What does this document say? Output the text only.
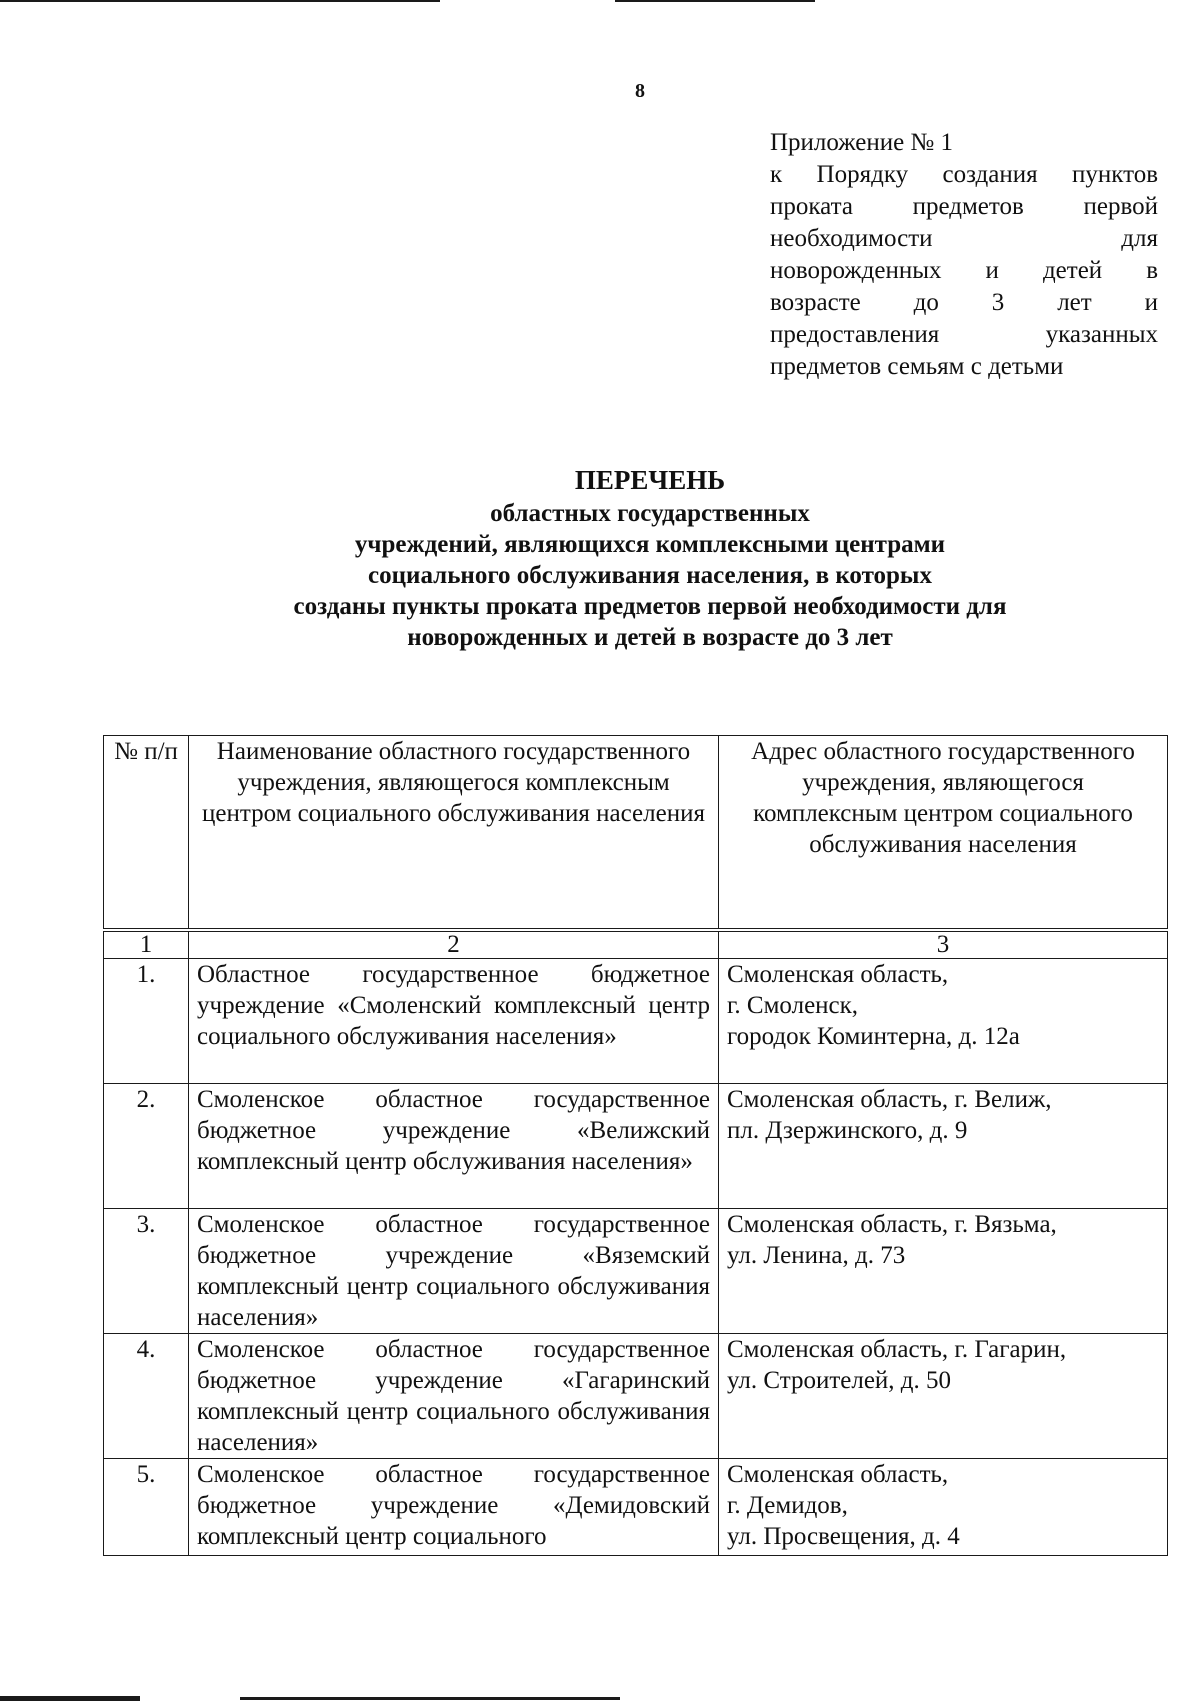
8
Приложение № 1
к Порядку создания пунктов
проката предметов первой
необходимости для
новорожденных и детей в
возрасте до 3 лет и
предоставления указанных
предметов семьям с детьми
ПЕРЕЧЕНЬ
областных государственных
учреждений, являющихся комплексными центрами
социального обслуживания населения, в которых
созданы пункты проката предметов первой необходимости для
новорожденных и детей в возрасте до 3 лет
№ п/п	Наименование областного государственного учреждения, являющегося комплексным центром социального обслуживания населения	Адрес областного государственного учреждения, являющегося комплексным центром социального обслуживания населения
1	2	3
1.	Областное государственное бюджетное учреждение «Смоленский комплексный центр социального обслуживания населения»	Смоленская область,
г. Смоленск,
городок Коминтерна, д. 12а

2.	Смоленское областное государственное бюджетное учреждение «Велижский комплексный центр обслуживания населения»	Смоленская область, г. Велиж,
пл. Дзержинского, д. 9

3.	Смоленское областное государственное бюджетное учреждение «Вяземский комплексный центр социального обслуживания населения»	Смоленская область, г. Вязьма,
ул. Ленина, д. 73

4.	Смоленское областное государственное бюджетное учреждение «Гагаринский комплексный центр социального обслуживания населения»	Смоленская область, г. Гагарин,
ул. Строителей, д. 50

5.	Смоленское областное государственное бюджетное учреждение «Демидовский комплексный центр социального	Смоленская область,
г. Демидов,
ул. Просвещения, д. 4
